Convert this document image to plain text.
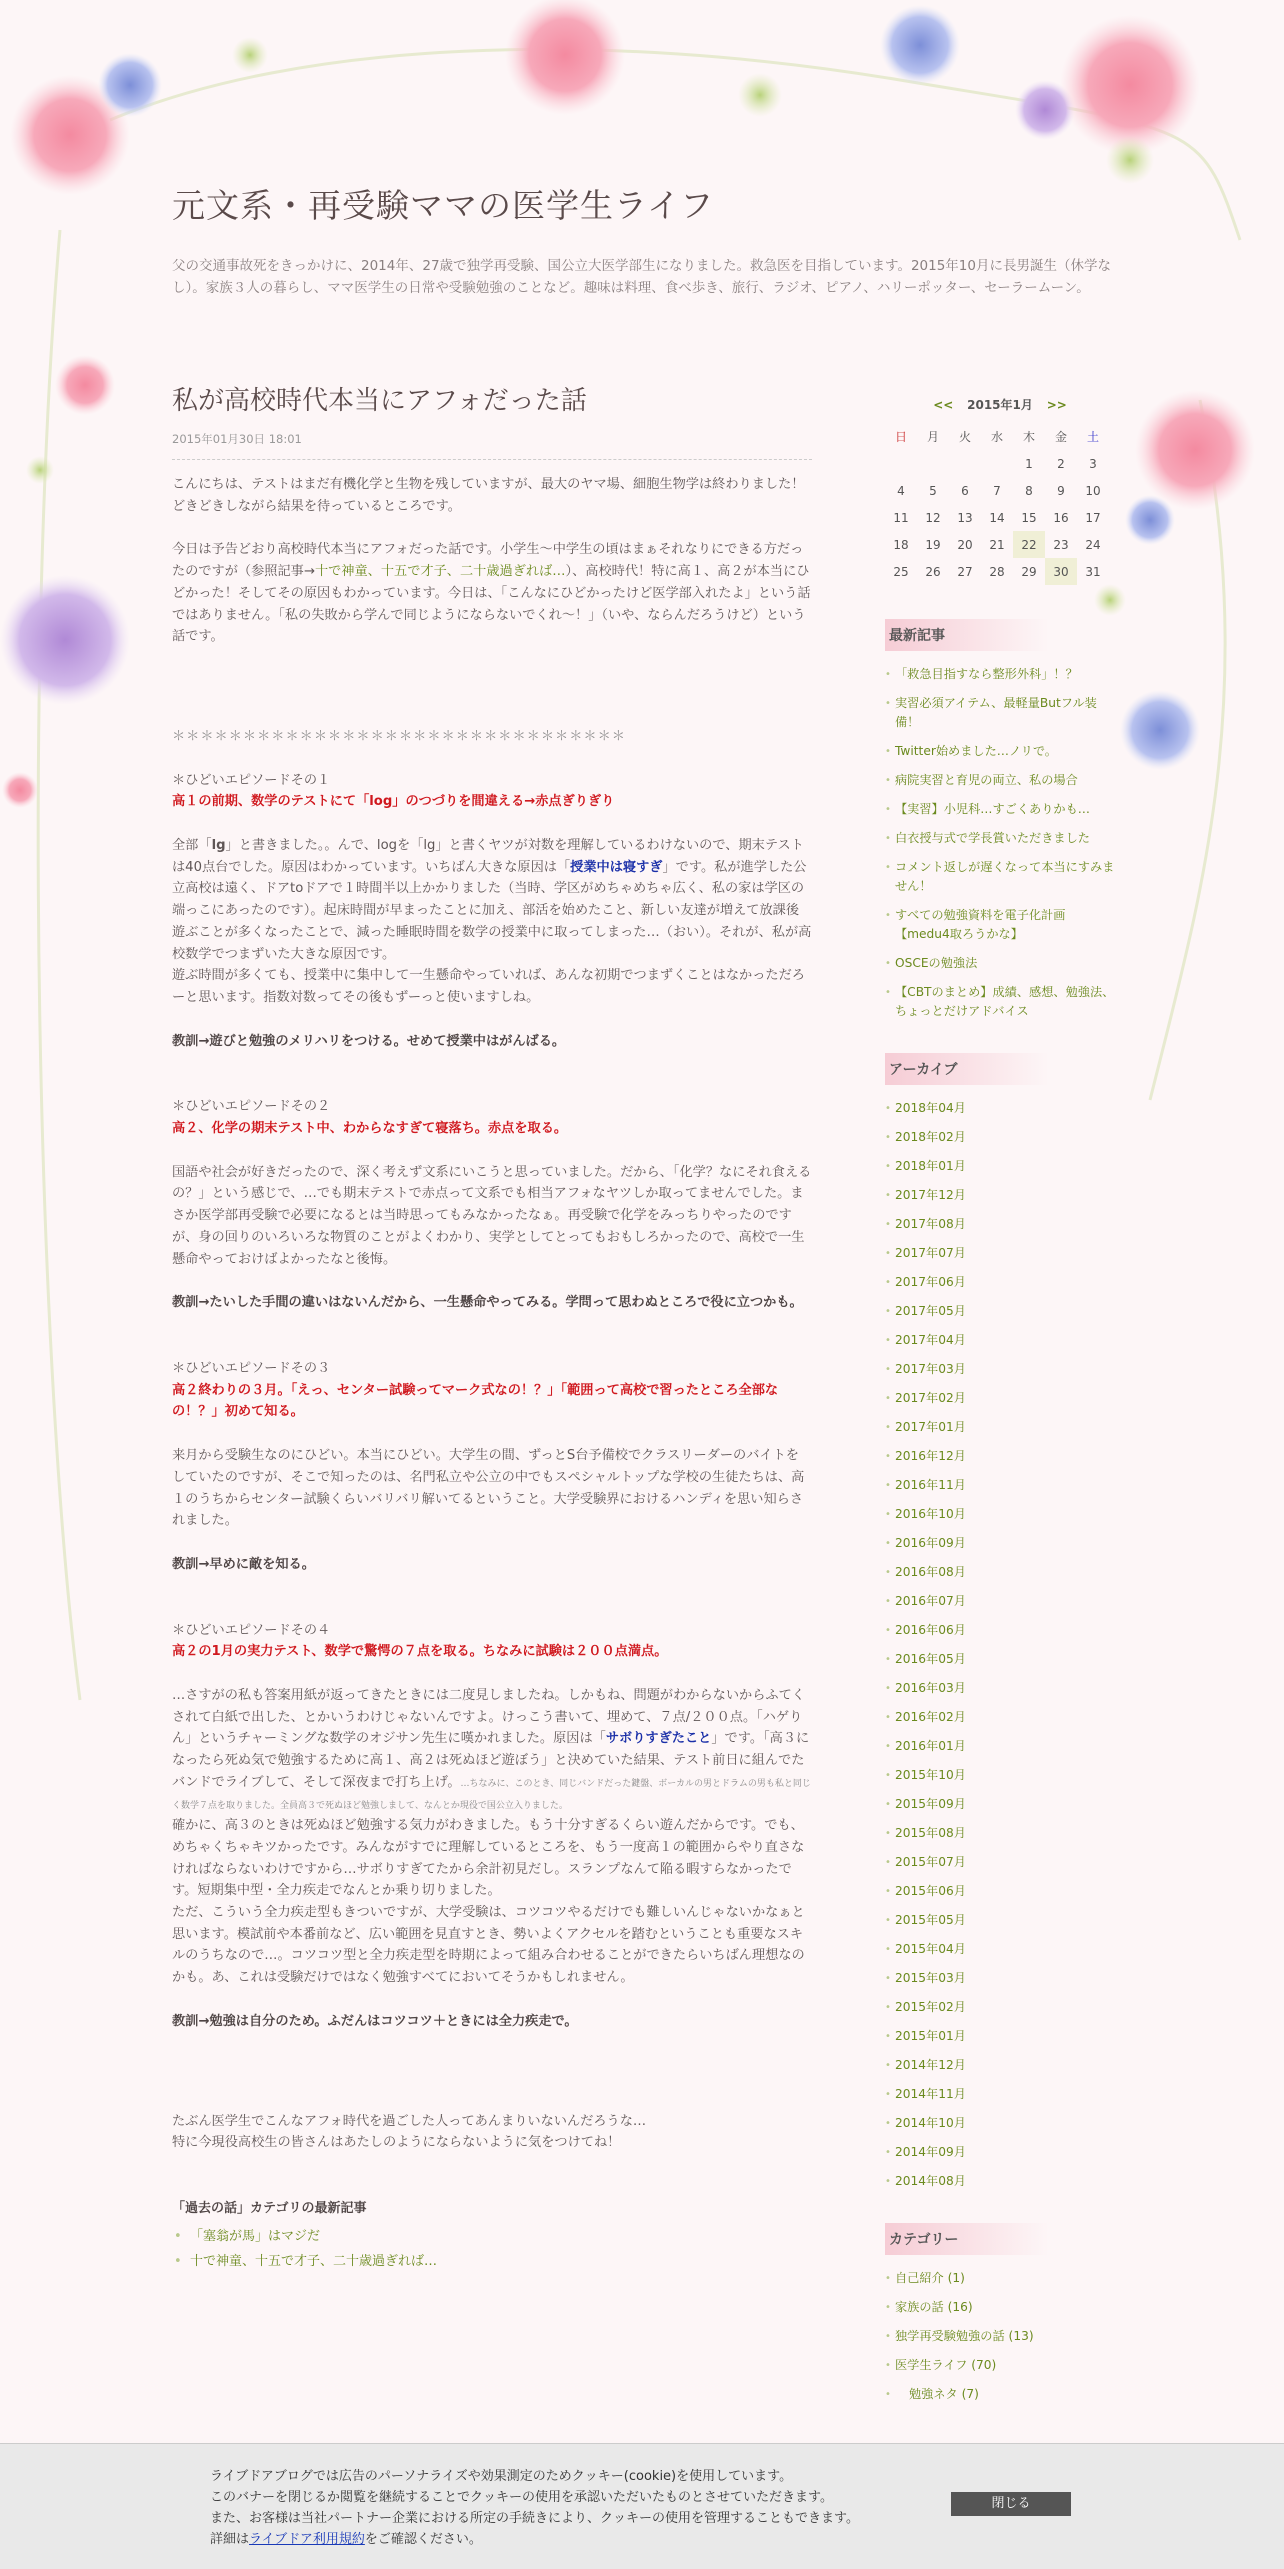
元文系・再受験ママの医学生ライフ
父の交通事故死をきっかけに、2014年、27歳で独学再受験、国公立大医学部生になりました。救急医を目指しています。2015年10月に長男誕生（休学なし）。家族３人の暮らし、ママ医学生の日常や受験勉強のことなど。趣味は料理、食べ歩き、旅行、ラジオ、ピアノ、ハリーポッター、セーラームーン。
私が高校時代本当にアフォだった話
2015年01月30日 18:01

こんにちは、テストはまだ有機化学と生物を残していますが、最大のヤマ場、細胞生物学は終わりました！どきどきしながら結果を待っているところです。

今日は予告どおり高校時代本当にアフォだった話です。小学生～中学生の頃はまぁそれなりにできる方だったのですが（参照記事→十で神童、十五で才子、二十歳過ぎれば…）、高校時代！特に高１、高２が本当にひどかった！そしてその原因もわかっています。今日は、「こんなにひどかったけど医学部入れたよ」という話ではありません。「私の失敗から学んで同じようにならないでくれ～！」（いや、ならんだろうけど）という話です。

＊＊＊＊＊＊＊＊＊＊＊＊＊＊＊＊＊＊＊＊＊＊＊＊＊＊＊＊＊＊＊＊

＊ひどいエピソードその１

高１の前期、数学のテストにて「log」のつづりを間違える→赤点ぎりぎり

全部「lg」と書きました。。んで、logを「lg」と書くヤツが対数を理解しているわけないので、期末テストは40点台でした。原因はわかっています。いちばん大きな原因は「授業中は寝すぎ」です。私が進学した公立高校は遠く、ドアtoドアで１時間半以上かかりました（当時、学区がめちゃめちゃ広く、私の家は学区の端っこにあったのです）。起床時間が早まったことに加え、部活を始めたこと、新しい友達が増えて放課後遊ぶことが多くなったことで、減った睡眠時間を数学の授業中に取ってしまった…（おい）。それが、私が高校数学でつまずいた大きな原因です。

遊ぶ時間が多くても、授業中に集中して一生懸命やっていれば、あんな初期でつまずくことはなかっただろーと思います。指数対数ってその後もずーっと使いますしね。

教訓→遊びと勉強のメリハリをつける。せめて授業中はがんばる。

＊ひどいエピソードその２

高２、化学の期末テスト中、わからなすぎて寝落ち。赤点を取る。

国語や社会が好きだったので、深く考えず文系にいこうと思っていました。だから、「化学？なにそれ食えるの？」という感じで、…でも期末テストで赤点って文系でも相当アフォなヤツしか取ってませんでした。まさか医学部再受験で必要になるとは当時思ってもみなかったなぁ。再受験で化学をみっちりやったのですが、身の回りのいろいろな物質のことがよくわかり、実学としてとってもおもしろかったので、高校で一生懸命やっておけばよかったなと後悔。

教訓→たいした手間の違いはないんだから、一生懸命やってみる。学問って思わぬところで役に立つかも。

＊ひどいエピソードその３

高２終わりの３月。「えっ、センター試験ってマーク式なの！？」「範囲って高校で習ったところ全部なの！？」初めて知る。

来月から受験生なのにひどい。本当にひどい。大学生の間、ずっとS台予備校でクラスリーダーのバイトをしていたのですが、そこで知ったのは、名門私立や公立の中でもスペシャルトップな学校の生徒たちは、高１のうちからセンター試験くらいバリバリ解いてるということ。大学受験界におけるハンディを思い知らされました。

教訓→早めに敵を知る。

＊ひどいエピソードその４

高２の1月の実力テスト、数学で驚愕の７点を取る。ちなみに試験は２００点満点。

…さすがの私も答案用紙が返ってきたときには二度見しましたね。しかもね、問題がわからないからふてくされて白紙で出した、とかいうわけじゃないんですよ。けっこう書いて、埋めて、７点/２００点。「ハゲりん」というチャーミングな数学のオジサン先生に嘆かれました。原因は「サボりすぎたこと」です。「高３になったら死ぬ気で勉強するために高１、高２は死ぬほど遊ぼう」と決めていた結果、テスト前日に組んでたバンドでライブして、そして深夜まで打ち上げ。…ちなみに、このとき、同じバンドだった鍵盤、ボーカルの男とドラムの男も私と同じく数学７点を取りました。全員高３で死ぬほど勉強しまして、なんとか現役で国公立入りました。

確かに、高３のときは死ぬほど勉強する気力がわきました。もう十分すぎるくらい遊んだからです。でも、めちゃくちゃキツかったです。みんながすでに理解しているところを、もう一度高１の範囲からやり直さなければならないわけですから…サボりすぎてたから余計初見だし。スランプなんて陥る暇すらなかったです。短期集中型・全力疾走でなんとか乗り切りました。

ただ、こういう全力疾走型もきついですが、大学受験は、コツコツやるだけでも難しいんじゃないかなぁと思います。模試前や本番前など、広い範囲を見直すとき、勢いよくアクセルを踏むということも重要なスキルのうちなので…。コツコツ型と全力疾走型を時期によって組み合わせることができたらいちばん理想なのかも。あ、これは受験だけではなく勉強すべてにおいてそうかもしれません。

教訓→勉強は自分のため。ふだんはコツコツ＋ときには全力疾走で。

たぶん医学生でこんなアフォ時代を過ごした人ってあんまりいないんだろうな…

特に今現役高校生の皆さんはあたしのようにならないように気をつけてね！

「過去の話」カテゴリの最新記事
• 「塞翁が馬」はマジだ
• 十で神童、十五で才子、二十歳過ぎれば…
<< 2015年1月 >>
日	月	火	水	木	金	土
				1	2	3
4	5	6	7	8	9	10
11	12	13	14	15	16	17
18	19	20	21	22	23	24
25	26	27	28	29	30	31
最新記事
• 「救急目指すなら整形外科」！？
• 実習必須アイテム、最軽量Butフル装備！
• Twitter始めました…ノリで。
• 病院実習と育児の両立、私の場合
• 【実習】小児科…すごくありかも…
• 白衣授与式で学長賞いただきました
• コメント返しが遅くなって本当にすみません！
• すべての勉強資料を電子化計画【medu4取ろうかな】
• OSCEの勉強法
• 【CBTのまとめ】成績、感想、勉強法、ちょっとだけアドバイス
アーカイブ
• 2018年04月
• 2018年02月
• 2018年01月
• 2017年12月
• 2017年08月
• 2017年07月
• 2017年06月
• 2017年05月
• 2017年04月
• 2017年03月
• 2017年02月
• 2017年01月
• 2016年12月
• 2016年11月
• 2016年10月
• 2016年09月
• 2016年08月
• 2016年07月
• 2016年06月
• 2016年05月
• 2016年03月
• 2016年02月
• 2016年01月
• 2015年10月
• 2015年09月
• 2015年08月
• 2015年07月
• 2015年06月
• 2015年05月
• 2015年04月
• 2015年03月
• 2015年02月
• 2015年01月
• 2014年12月
• 2014年11月
• 2014年10月
• 2014年09月
• 2014年08月
カテゴリー
• 自己紹介 (1)
• 家族の話 (16)
• 独学再受験勉強の話 (13)
• 医学生ライフ (70)
• 勉強ネタ (7)
ライブドアブログでは広告のパーソナライズや効果測定のためクッキー(cookie)を使用しています。
このバナーを閉じるか閲覧を継続することでクッキーの使用を承認いただいたものとさせていただきます。
また、お客様は当社パートナー企業における所定の手続きにより、クッキーの使用を管理することもできます。
詳細はライブドア利用規約をご確認ください。
閉じる
